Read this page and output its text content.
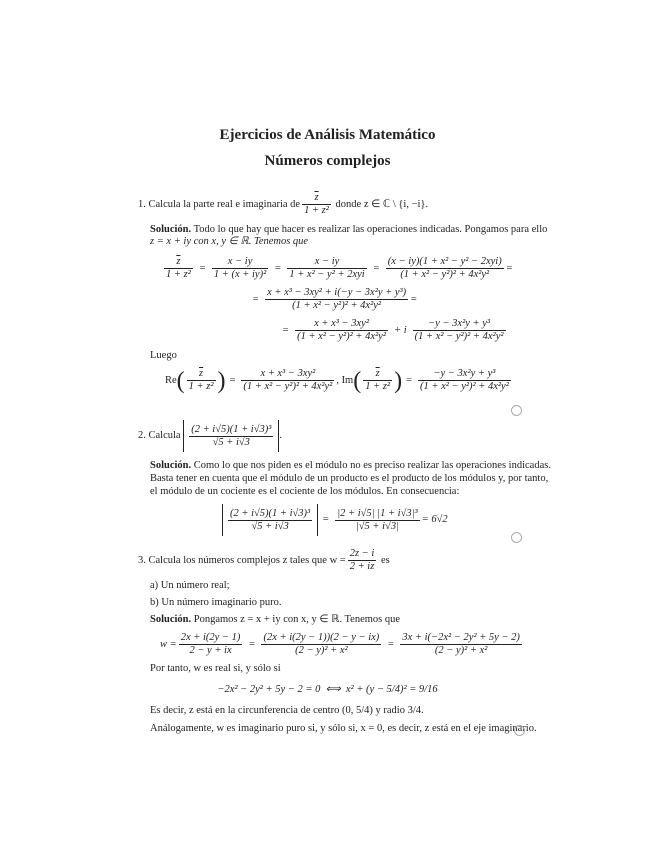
Ejercicios de Análisis Matemático
Números complejos
1.
Calcula la parte real e imaginaria de $\frac{\overline{z}}{\text{1 + z²}}$
donde z ∈ ℂ \ {i, −i}.
Solución. Todo lo que hay que hacer es realizar las operaciones indicadas. Pongamos para ello
z = x + iy con x, y ∈ ℝ. Tenemos que
$\frac{\overline{z}}{\text{1 + z²}} = \frac{x - iy}{\text{1 + (x + iy)²}} = \frac{x - iy}{\text{1 + x² − y² + 2xyi}} = \frac{\text{(x − iy)(1 + x² − y² − 2xyi)}}{\text{(1 + x² − y²)² + 4x²y²}}$ =
= $\frac{\text{x + x³ − 3xy² + i(−y − 3x²y + y³)}}{\text{(1 + x² − y²)² + 4x²y²}}$ =
= $\frac{\text{x + x³ − 3xy²}}{\text{(1 + x² − y²)² + 4x²y²}} + i \frac{\text{−y − 3x²y + y³}}{\text{(1 + x² − y²)² + 4x²y²}}$
Luego
Re ( $\frac{\overline{z}}{\text{1 + z²}}$ ) = $\frac{\text{x + x³ − 3xy²}}{\text{(1 + x² − y²)² + 4x²y²}}$ , Im ( $\frac{\overline{z}}{\text{1 + z²}}$ ) = $\frac{\text{−y − 3x²y + y³}}{\text{(1 + x² − y²)² + 4x²y²}}$
2.
Calcula
$\frac{\text{(2 + i√5)(1 + i√3)³}}{√5 + i√3}$ .
Solución. Como lo que nos piden es el módulo no es preciso realizar las operaciones indicadas.
Basta tener en cuenta que el módulo de un producto es el producto de los módulos y, por tanto,
el módulo de un cociente es el cociente de los módulos. En consecuencia:
$\frac{\text{(2 + i√5)(1 + i√3)³}}{√5 + i√3} = \frac{\text{|2 + i√5| |1 + i√3|³}}{|√5 + i√3|} = 6√2$
3.
Calcula los números complejos z tales que $w = \frac{2z - i}{2 + iz}$
es
a) Un número real;
b) Un número imaginario puro.
Solución. Pongamos z = x + iy con x, y ∈ ℝ. Tenemos que
$w = \frac{2x + i(2y - 1)}{2 - y + ix} = \frac{(2x + i(2y - 1))(2 - y - ix)}{\text{(2 − y)² + x²}} = \frac{\text{3x + i(−2x² − 2y² + 5y − 2)}}{\text{(2 − y)² + x²}}$
Por tanto, w es real si, y sólo si
−2x² − 2y² + 5y − 2 = 0  ⟺  x² + (y − 5/4)² = 9/16
Es decir, z está en la circunferencia de centro (0, 5/4) y radio 3/4.
Análogamente, w es imaginario puro si, y sólo si, x = 0, es decir, z está en el eje imaginario.
